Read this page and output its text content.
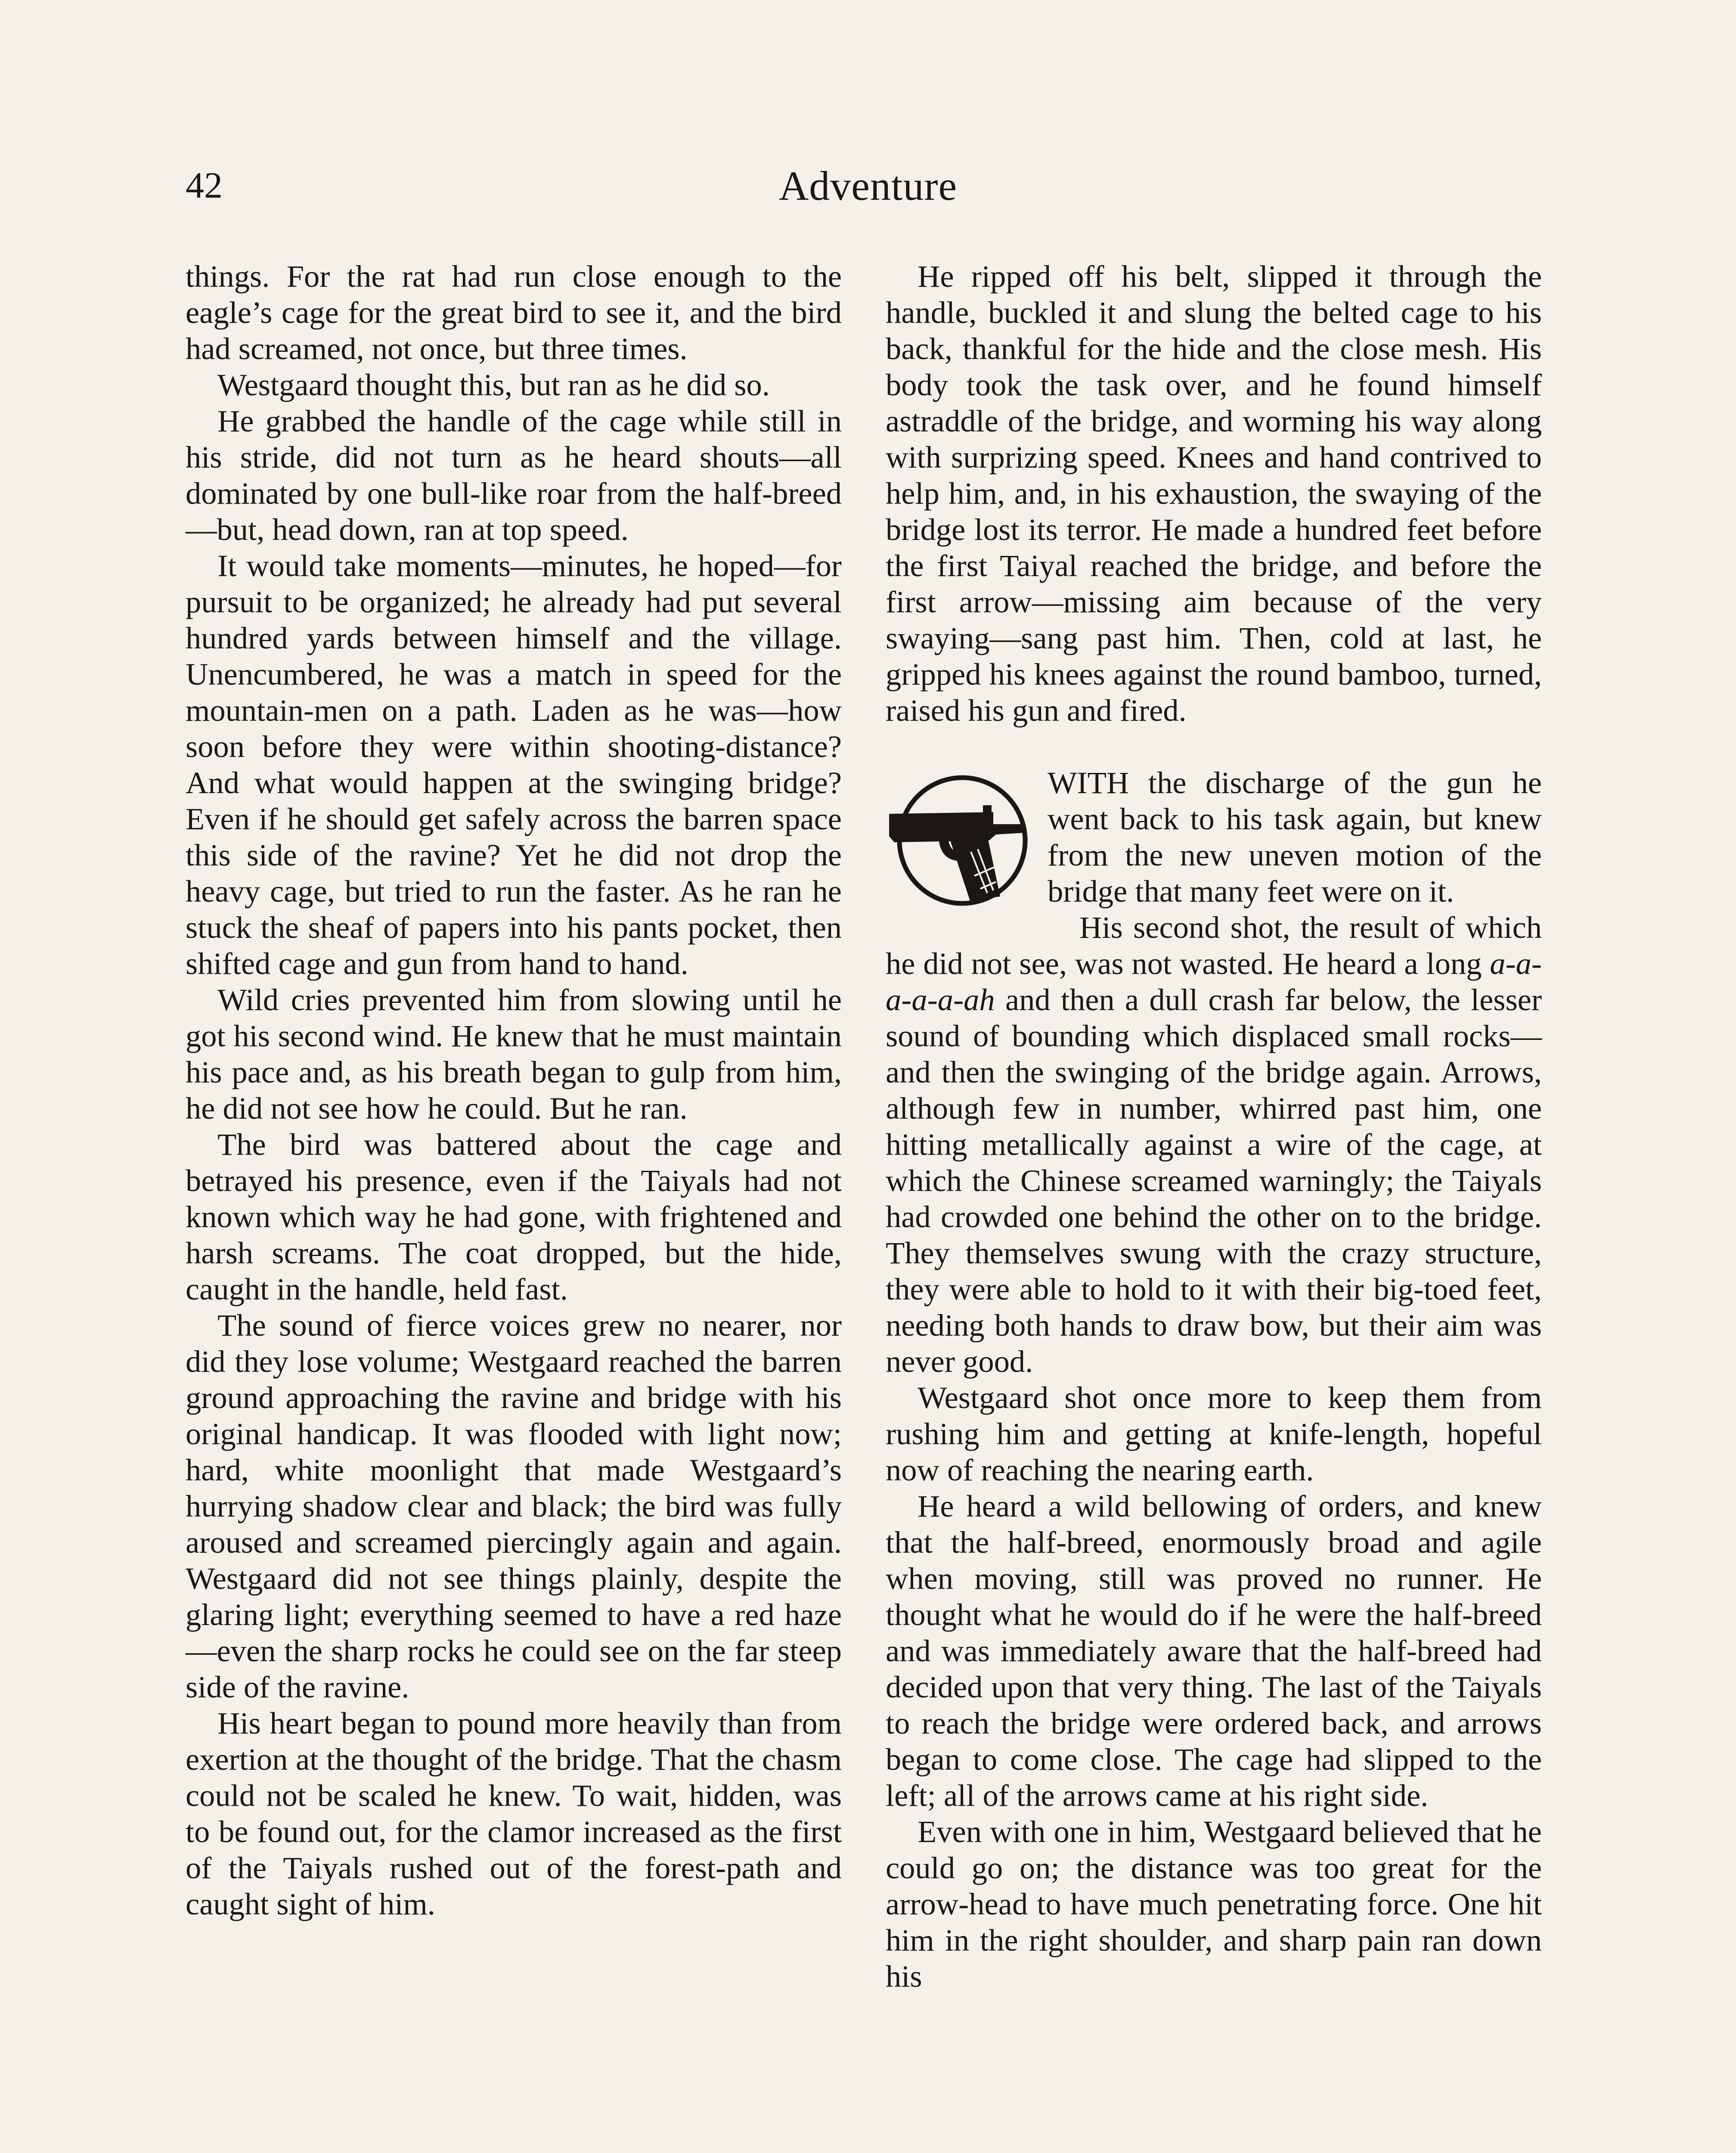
42	Adventure

things. For the rat had run close enough to the eagle’s cage for the great bird to see it, and the bird had screamed, not once, but three times.

Westgaard thought this, but ran as he did so.

He grabbed the handle of the cage while still in his stride, did not turn as he heard shouts—all dominated by one bull-like roar from the half-breed—but, head down, ran at top speed.

It would take moments—minutes, he hoped—for pursuit to be organized; he already had put several hundred yards between himself and the village. Unencumbered, he was a match in speed for the mountain-men on a path. Laden as he was—how soon before they were within shooting-distance? And what would happen at the swinging bridge? Even if he should get safely across the barren space this side of the ravine? Yet he did not drop the heavy cage, but tried to run the faster. As he ran he stuck the sheaf of papers into his pants pocket, then shifted cage and gun from hand to hand.

Wild cries prevented him from slowing until he got his second wind. He knew that he must maintain his pace and, as his breath began to gulp from him, he did not see how he could. But he ran.

The bird was battered about the cage and betrayed his presence, even if the Taiyals had not known which way he had gone, with frightened and harsh screams. The coat dropped, but the hide, caught in the handle, held fast.

The sound of fierce voices grew no nearer, nor did they lose volume; Westgaard reached the barren ground approaching the ravine and bridge with his original handicap. It was flooded with light now; hard, white moonlight that made Westgaard’s hurrying shadow clear and black; the bird was fully aroused and screamed piercingly again and again. Westgaard did not see things plainly, despite the glaring light; everything seemed to have a red haze—even the sharp rocks he could see on the far steep side of the ravine.

His heart began to pound more heavily than from exertion at the thought of the bridge. That the chasm could not be scaled he knew. To wait, hidden, was to be found out, for the clamor increased as the first of the Taiyals rushed out of the forest-path and caught sight of him.

He ripped off his belt, slipped it through the handle, buckled it and slung the belted cage to his back, thankful for the hide and the close mesh. His body took the task over, and he found himself astraddle of the bridge, and worming his way along with surprizing speed. Knees and hand contrived to help him, and, in his exhaustion, the swaying of the bridge lost its terror. He made a hundred feet before the first Taiyal reached the bridge, and before the first arrow—missing aim because of the very swaying—sang past him. Then, cold at last, he gripped his knees against the round bamboo, turned, raised his gun and fired.

WITH the discharge of the gun he went back to his task again, but knew from the new uneven motion of the bridge that many feet were on it.

His second shot, the result of which he did not see, was not wasted. He heard a long a-a-a-a-a-ah and then a dull crash far below, the lesser sound of bounding which displaced small rocks—and then the swinging of the bridge again. Arrows, although few in number, whirred past him, one hitting metallically against a wire of the cage, at which the Chinese screamed warningly; the Taiyals had crowded one behind the other on to the bridge. They themselves swung with the crazy structure, they were able to hold to it with their big-toed feet, needing both hands to draw bow, but their aim was never good.

Westgaard shot once more to keep them from rushing him and getting at knife-length, hopeful now of reaching the nearing earth.

He heard a wild bellowing of orders, and knew that the half-breed, enormously broad and agile when moving, still was proved no runner. He thought what he would do if he were the half-breed and was immediately aware that the half-breed had decided upon that very thing. The last of the Taiyals to reach the bridge were ordered back, and arrows began to come close. The cage had slipped to the left; all of the arrows came at his right side.

Even with one in him, Westgaard believed that he could go on; the distance was too great for the arrow-head to have much penetrating force. One hit him in the right shoulder, and sharp pain ran down his
